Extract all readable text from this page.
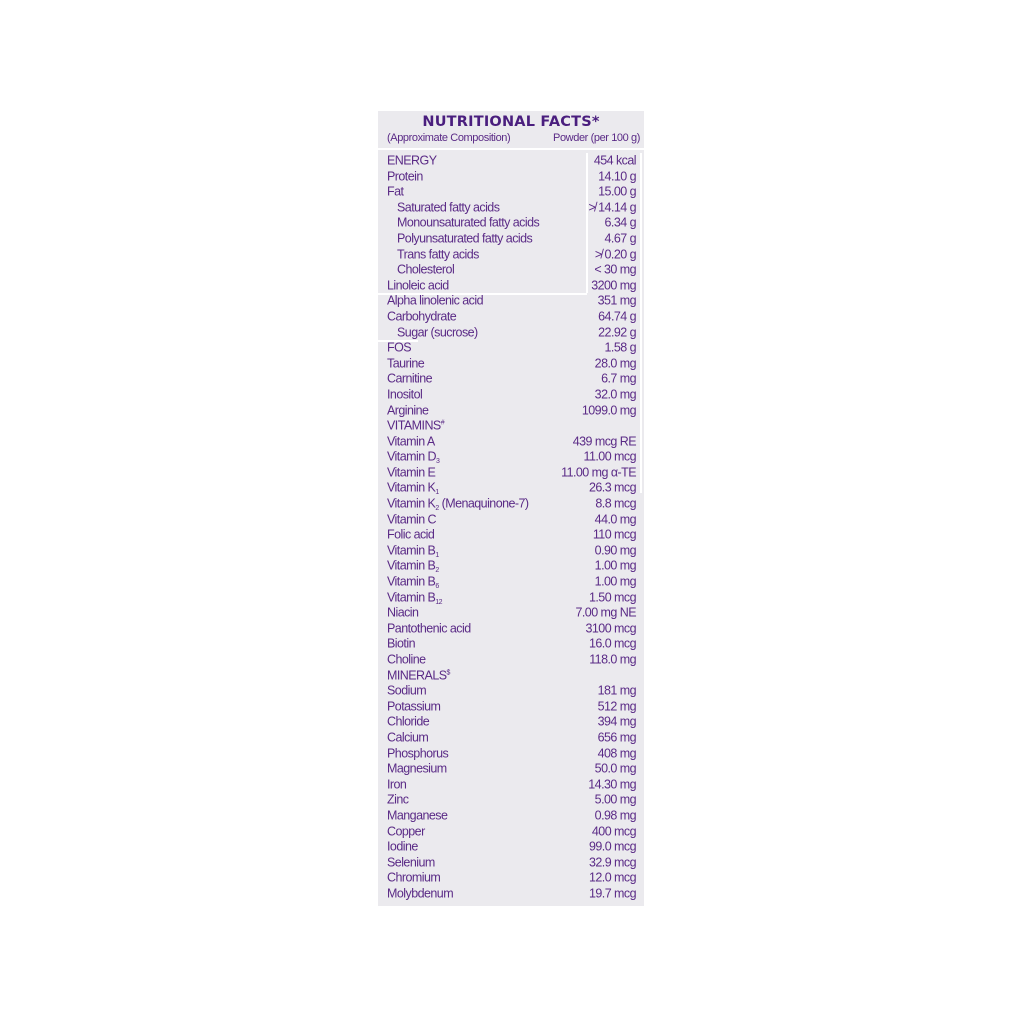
NUTRITIONAL FACTS*
(Approximate Composition)	Powder (per 100 g)
ENERGY	454 kcal
Protein	14.10 g
Fat	15.00 g
Saturated fatty acids	≯ 14.14 g
Monounsaturated fatty acids	6.34 g
Polyunsaturated fatty acids	4.67 g
Trans fatty acids	≯ 0.20 g
Cholesterol	< 30 mg
Linoleic acid	3200 mg
Alpha linolenic acid	351 mg
Carbohydrate	64.74 g
Sugar (sucrose)	22.92 g
FOS	1.58 g
Taurine	28.0 mg
Carnitine	6.7 mg
Inositol	32.0 mg
Arginine	1099.0 mg
VITAMINS#
Vitamin A	439 mcg RE
Vitamin $D_3$	11.00 mcg
Vitamin E	11.00 mg α-TE
Vitamin $K_1$	26.3 mcg
Vitamin $K_2$ (Menaquinone-7)	8.8 mcg
Vitamin C	44.0 mg
Folic acid	110 mcg
Vitamin $B_1$	0.90 mg
Vitamin $B_2$	1.00 mg
Vitamin $B_6$	1.00 mg
Vitamin $B_{12}$	1.50 mcg
Niacin	7.00 mg NE
Pantothenic acid	3100 mcg
Biotin	16.0 mcg
Choline	118.0 mg
MINERALS$
Sodium	181 mg
Potassium	512 mg
Chloride	394 mg
Calcium	656 mg
Phosphorus	408 mg
Magnesium	50.0 mg
Iron	14.30 mg
Zinc	5.00 mg
Manganese	0.98 mg
Copper	400 mcg
Iodine	99.0 mcg
Selenium	32.9 mcg
Chromium	12.0 mcg
Molybdenum	19.7 mcg
